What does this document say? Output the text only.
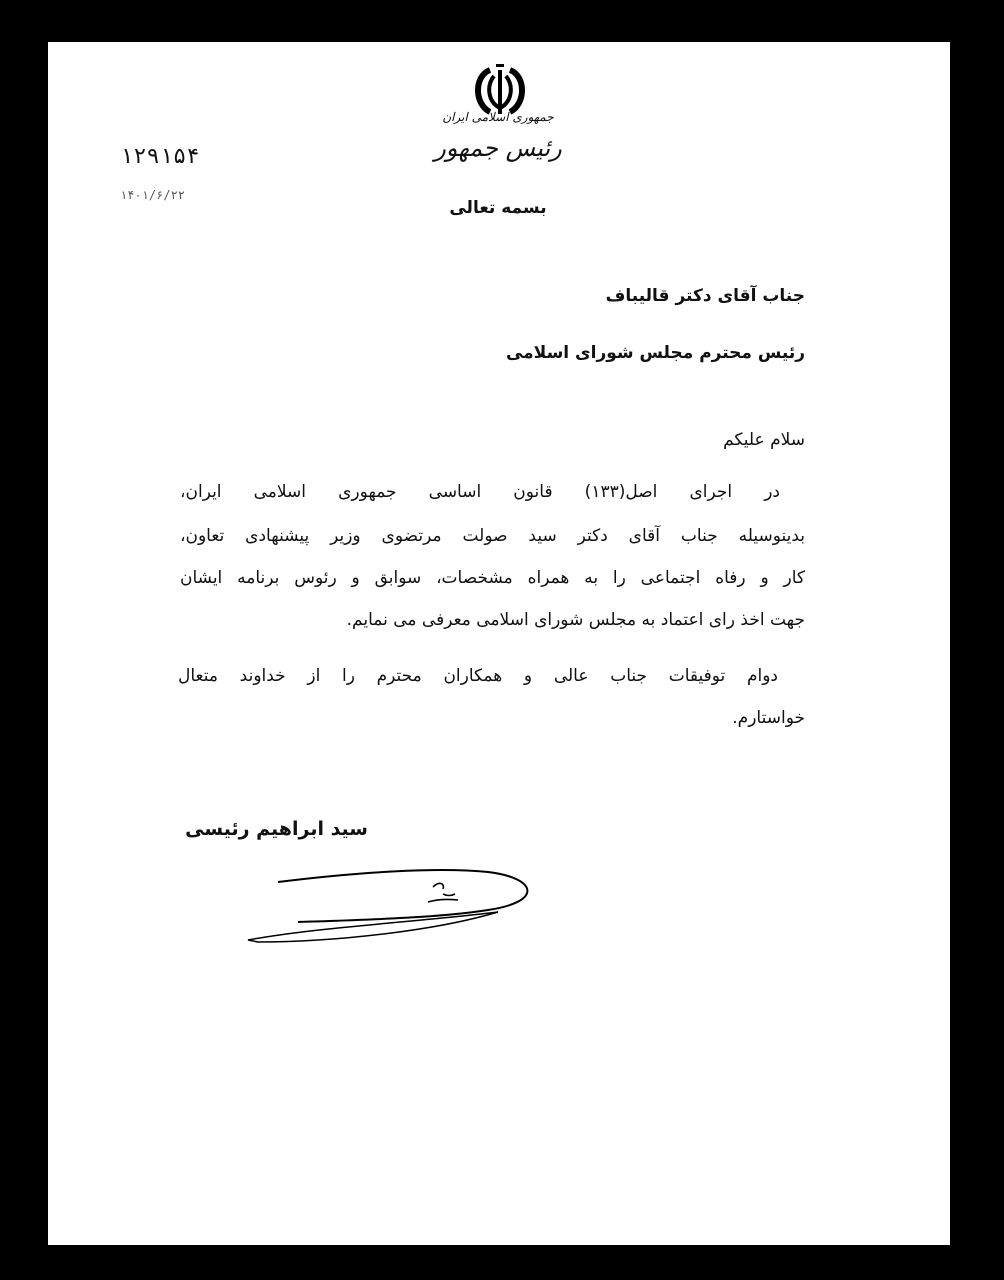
جمهوری اسلامی ایران
رئیس جمهور
بسمه تعالی
۱۲۹۱۵۴
۱۴۰۱/۶/۲۲
جناب آقای دکتر قالیباف
رئیس محترم مجلس شورای اسلامی
سلام علیکم
در اجرای اصل(۱۳۳) قانون اساسی جمهوری اسلامی ایران،
بدینوسیله جناب آقای دکتر سید صولت مرتضوی وزیر پیشنهادی تعاون،
کار و رفاه اجتماعی را به همراه مشخصات، سوابق و رئوس برنامه ایشان
جهت اخذ رای اعتماد به مجلس شورای اسلامی معرفی می نمایم.
دوام توفیقات جناب عالی و همکاران محترم را از خداوند متعال
خواستارم.
سید ابراهیم رئیسی
